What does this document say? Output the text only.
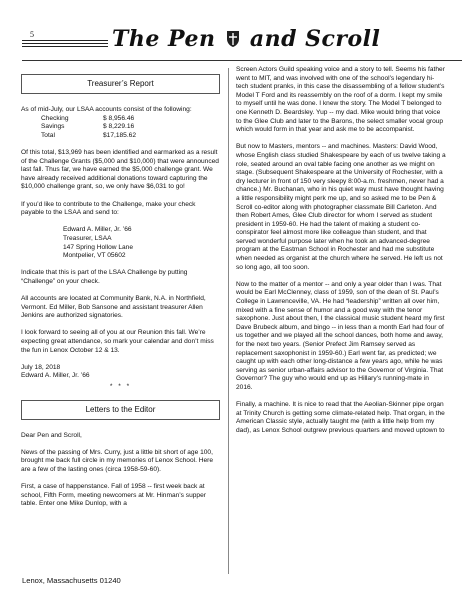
5	The Pen and Scroll
Treasurer’s Report

As of mid-July, our LSAA accounts consist of the following:

Checking	$ 8,956.46
Savings	$ 8,229.16
Total	$17,185.62

Of this total, $13,969 has been identified and earmarked as a result of the Challenge Grants ($5,000 and $10,000) that were announced last fall. Thus far, we have earned the $5,000 challenge grant. We have already received additional donations toward capturing the $10,000 challenge grant, so, we only have $6,031 to go!

If you’d like to contribute to the Challenge, make your check payable to the LSAA and send to:

Edward A. Miller, Jr. ’66
Treasurer, LSAA
147 Spring Hollow Lane
Montpelier, VT 05602

Indicate that this is part of the LSAA Challenge by putting “Challenge” on your check.

All accounts are located at Community Bank, N.A. in Northfield, Vermont. Ed Miller, Bob Sansone and assistant treasurer Allen Jenkins are authorized signatories.

I look forward to seeing all of you at our Reunion this fall. We’re expecting great attendance, so mark your calendar and don’t miss the fun in Lenox October 12 & 13.

July 18, 2018
Edward A. Miller, Jr. ’66
* * *
Letters to the Editor

Dear Pen and Scroll,

News of the passing of Mrs. Curry, just a little bit short of age 100, brought me back full circle in my memories of Lenox School. Here are a few of the lasting ones (circa 1958-59-60).

First, a case of happenstance. Fall of 1958 -- first week back at school, Fifth Form, meeting newcomers at Mr. Hinman’s supper table. Enter one Mike Dunlop, with a

Screen Actors Guild speaking voice and a story to tell. Seems his father went to MIT, and was involved with one of the school’s legendary hi-tech student pranks, in this case the disassembling of a fellow student’s Model T Ford and its reassembly on the roof of a dorm. I kept my smile to myself until he was done. I knew the story. The Model T belonged to one Kenneth D. Beardsley. Yup -- my dad. Mike would bring that voice to the Glee Club and later to the Barons, the select smaller vocal group which would form in that year and ask me to be accompanist.

But now to Masters, mentors -- and machines. Masters: David Wood, whose English class studied Shakespeare by each of us twelve taking a role, seated around an oval table facing one another as we might on stage. (Subsequent Shakespeare at the University of Rochester, with a dry lecturer in front of 150 very sleepy 8:00-a.m. freshmen, never had a chance.) Mr. Buchanan, who in his quiet way must have thought having a little responsibility might perk me up, and so asked me to be Pen & Scroll co-editor along with photographer classmate Bill Carleton. And then Robert Ames, Glee Club director for whom I served as student president in 1959-60. He had the talent of making a student co-conspirator feel almost more like colleague than student, and that served wonderful purpose later when he took an advanced-degree program at the Eastman School in Rochester and had me substitute when needed as organist at the church where he served. He left us not so long ago, all too soon.

Now to the matter of a mentor -- and only a year older than I was. That would be Earl McClenney, class of 1959, son of the dean of St. Paul’s College in Lawrenceville, VA. He had “leadership” written all over him, mixed with a fine sense of humor and a good way with the tenor saxophone. Just about then, I the classical music student heard my first Dave Brubeck album, and bingo -- in less than a month Earl had four of us together and we played all the school dances, both home and away, for the next two years. (Senior Prefect Jim Ramsey served as replacement saxophonist in 1959-60.) Earl went far, as predicted; we caught up with each other long-distance a few years ago, while he was serving as senior urban-affairs advisor to the Governor of Virginia. That Governor? The guy who would end up as Hillary’s running-mate in 2016.

Finally, a machine. It is nice to read that the Aeolian-Skinner pipe organ at Trinity Church is getting some climate-related help. That organ, in the American Classic style, actually taught me (with a little help from my dad), as Lenox School outgrew previous quarters and moved uptown to

Lenox, Massachusetts 01240
